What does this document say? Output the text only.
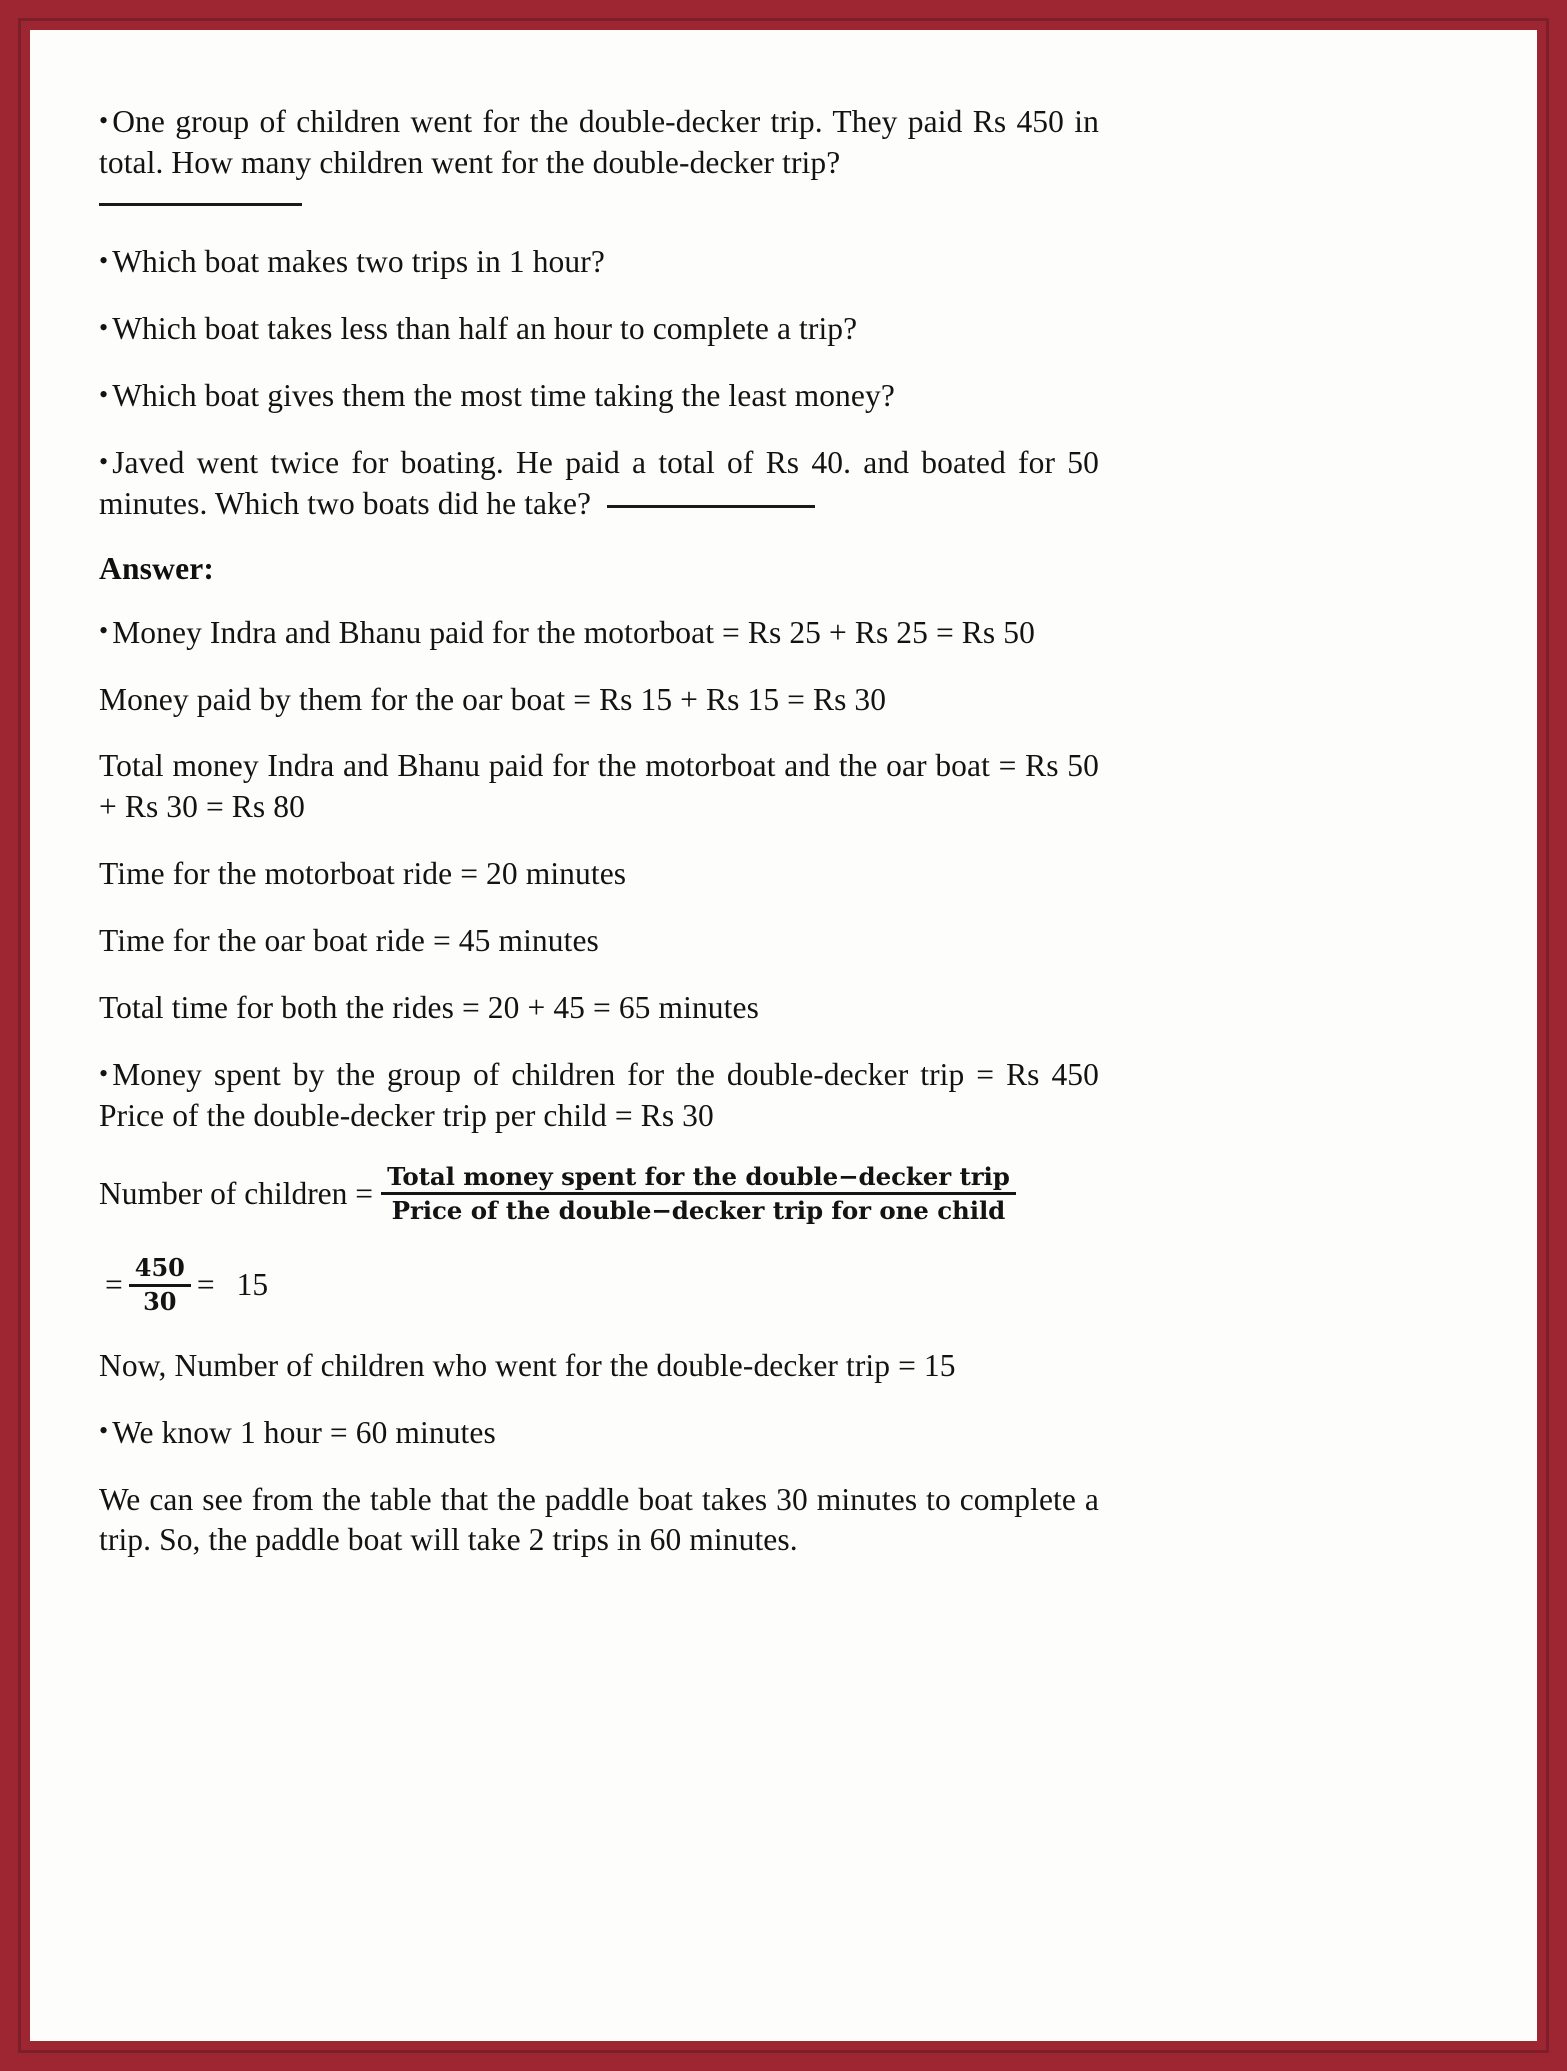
• One group of children went for the double-decker trip. They paid Rs 450 in total. How many children went for the double-decker trip?

• Which boat makes two trips in 1 hour?

• Which boat takes less than half an hour to complete a trip?

• Which boat gives them the most time taking the least money?

• Javed went twice for boating. He paid a total of Rs 40. and boated for 50 minutes. Which two boats did he take?

Answer:

• Money Indra and Bhanu paid for the motorboat = Rs 25 + Rs 25 = Rs 50

Money paid by them for the oar boat = Rs 15 + Rs 15 = Rs 30

Total money Indra and Bhanu paid for the motorboat and the oar boat = Rs 50 + Rs 30 = Rs 80

Time for the motorboat ride = 20 minutes

Time for the oar boat ride = 45 minutes

Total time for both the rides = 20 + 45 = 65 minutes

• Money spent by the group of children for the double-decker trip = Rs 450 Price of the double-decker trip per child = Rs 30

Number of children = $\frac{\text{Total money spent for the double−decker trip}}{\text{Price of the double−decker trip for one child}}$
= $\frac{450}{30} = 15$

Now, Number of children who went for the double-decker trip = 15

• We know 1 hour = 60 minutes

We can see from the table that the paddle boat takes 30 minutes to complete a trip. So, the paddle boat will take 2 trips in 60 minutes.
